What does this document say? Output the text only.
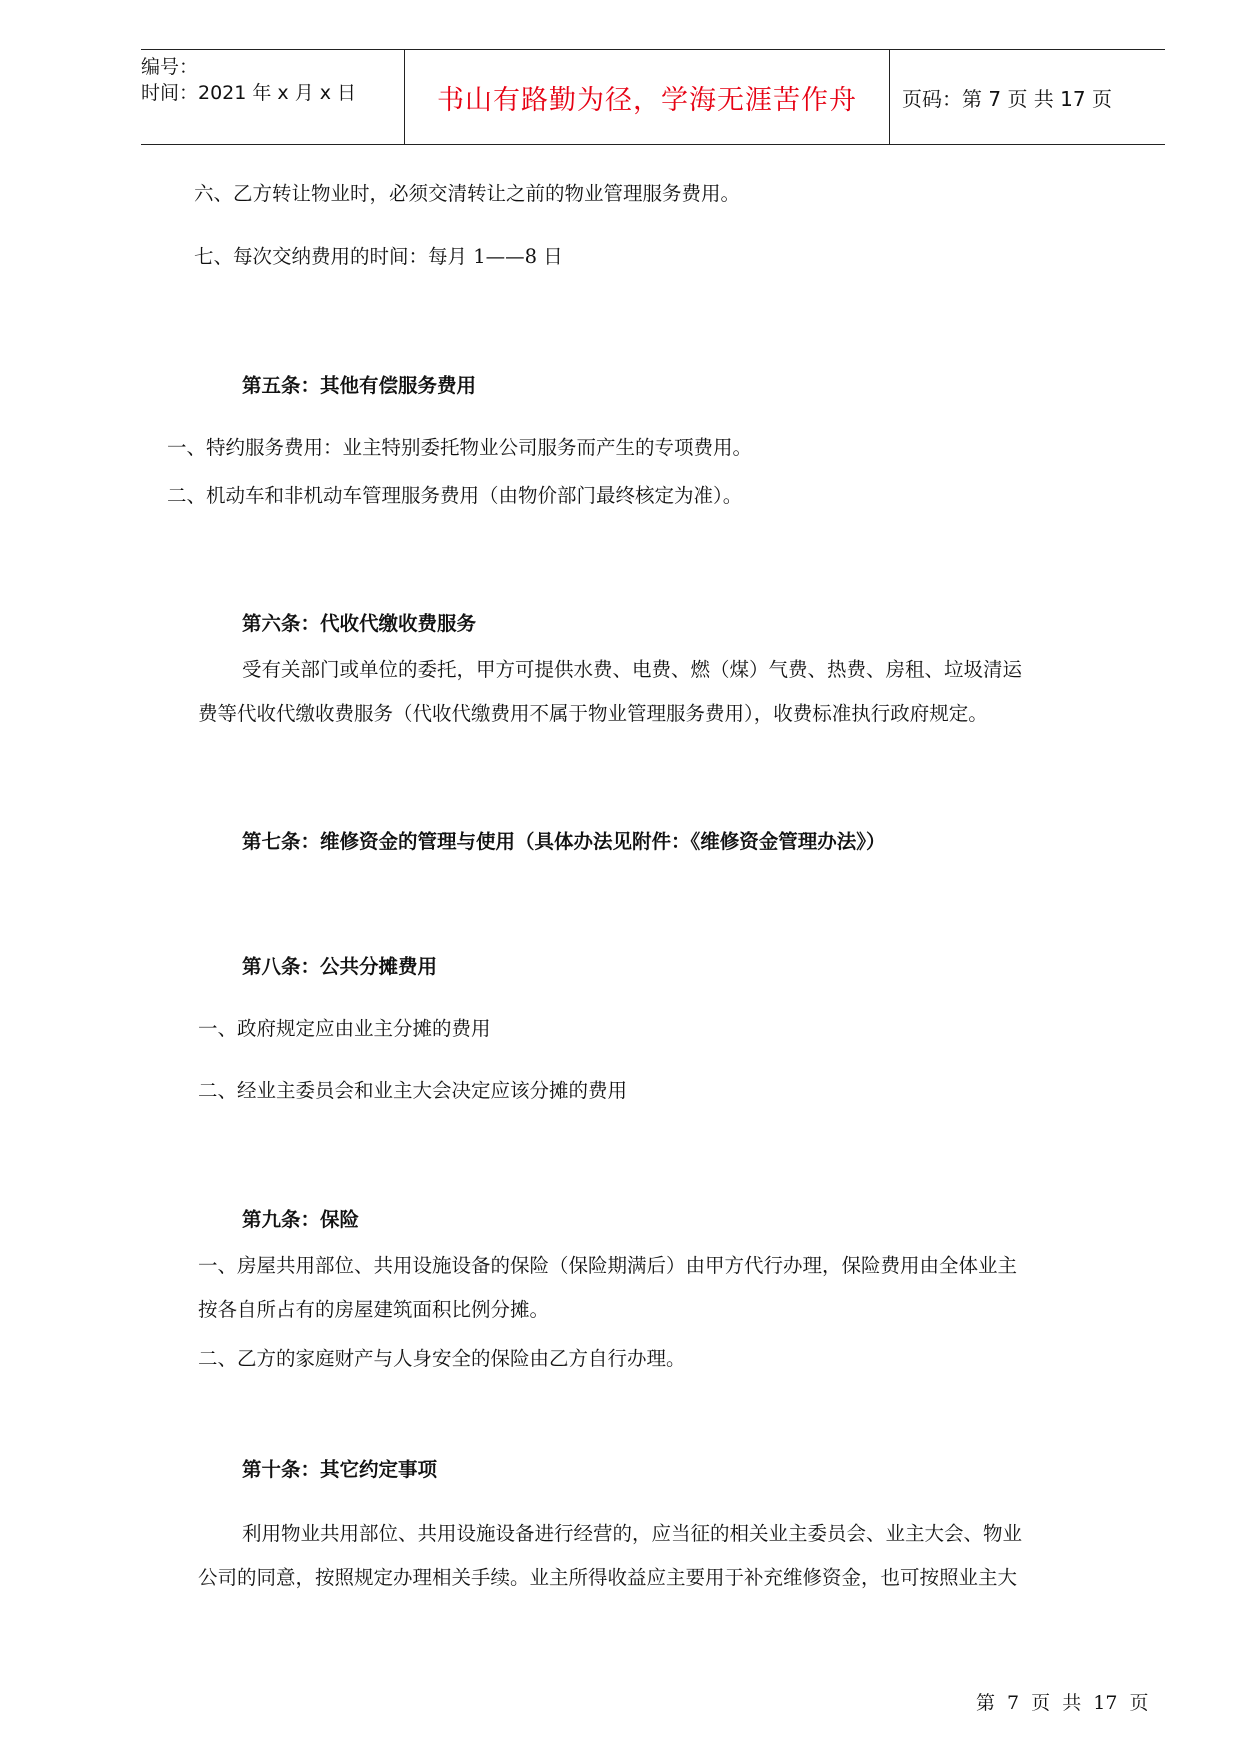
编号：
时间：2021 年 x 月 x 日	书山有路勤为径，学海无涯苦作舟	页码：第 7 页 共 17 页
六、乙方转让物业时，必须交清转让之前的物业管理服务费用。
七、每次交纳费用的时间：每月 1——8 日
第五条：其他有偿服务费用
一、特约服务费用：业主特别委托物业公司服务而产生的专项费用。
二、机动车和非机动车管理服务费用（由物价部门最终核定为准）。
第六条：代收代缴收费服务
受有关部门或单位的委托，甲方可提供水费、电费、燃（煤）气费、热费、房租、垃圾清运
费等代收代缴收费服务（代收代缴费用不属于物业管理服务费用），收费标准执行政府规定。
第七条：维修资金的管理与使用（具体办法见附件：《维修资金管理办法》）
第八条：公共分摊费用
一、政府规定应由业主分摊的费用
二、经业主委员会和业主大会决定应该分摊的费用
第九条：保险
一、房屋共用部位、共用设施设备的保险（保险期满后）由甲方代行办理，保险费用由全体业主
按各自所占有的房屋建筑面积比例分摊。
二、乙方的家庭财产与人身安全的保险由乙方自行办理。
第十条：其它约定事项
利用物业共用部位、共用设施设备进行经营的，应当征的相关业主委员会、业主大会、物业
公司的同意，按照规定办理相关手续。业主所得收益应主要用于补充维修资金，也可按照业主大
第 7 页 共 17 页
